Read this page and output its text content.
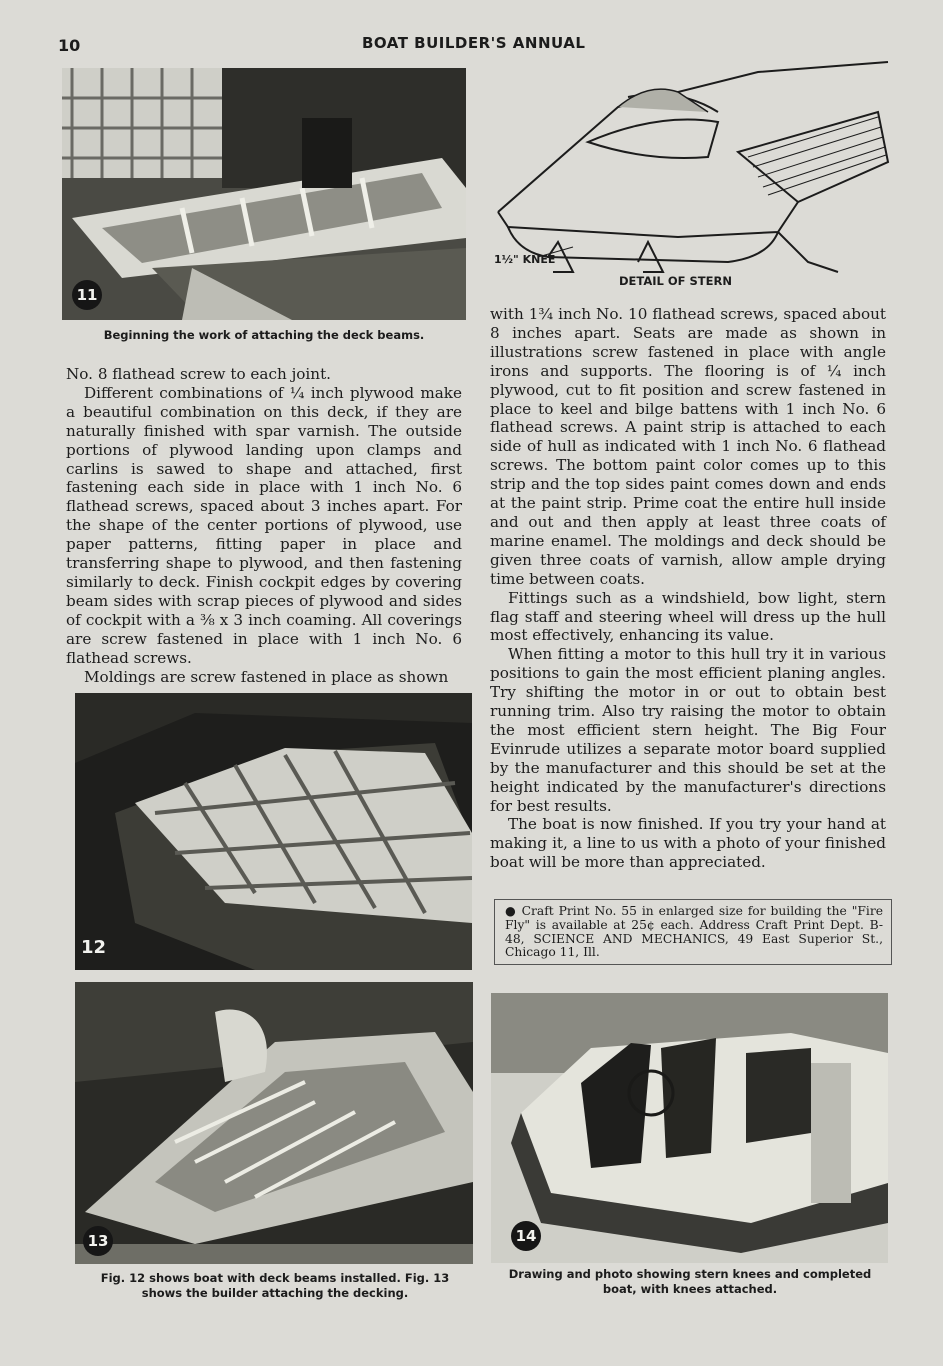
10	BOAT BUILDER'S ANNUAL
11
Beginning the work of attaching the deck beams.

No. 8 flathead screw to each joint.

Different combinations of ¼ inch plywood make a beautiful combination on this deck, if they are naturally finished with spar varnish. The outside portions of plywood landing upon clamps and carlins is sawed to shape and attached, first fastening each side in place with 1 inch No. 6 flathead screws, spaced about 3 inches apart. For the shape of the center portions of plywood, use paper patterns, fitting paper in place and transferring shape to plywood, and then fastening similarly to deck. Finish cockpit edges by covering beam sides with scrap pieces of plywood and sides of cockpit with a ⅜ x 3 inch coaming. All coverings are screw fastened in place with 1 inch No. 6 flathead screws.

Moldings are screw fastened in place as shown

12
13
Fig. 12 shows boat with deck beams installed. Fig. 13 shows the builder attaching the decking.
1½" KNEE
DETAIL OF STERN

with 1¾ inch No. 10 flathead screws, spaced about 8 inches apart. Seats are made as shown in illustrations screw fastened in place with angle irons and supports. The flooring is of ¼ inch plywood, cut to fit position and screw fastened in place to keel and bilge battens with 1 inch No. 6 flathead screws. A paint strip is attached to each side of hull as indicated with 1 inch No. 6 flathead screws. The bottom paint color comes up to this strip and the top sides paint comes down and ends at the paint strip. Prime coat the entire hull inside and out and then apply at least three coats of marine enamel. The moldings and deck should be given three coats of varnish, allow ample drying time between coats.

Fittings such as a windshield, bow light, stern flag staff and steering wheel will dress up the hull most effectively, enhancing its value.

When fitting a motor to this hull try it in various positions to gain the most efficient planing angles. Try shifting the motor in or out to obtain best running trim. Also try raising the motor to obtain the most efficient stern height. The Big Four Evinrude utilizes a separate motor board supplied by the manufacturer and this should be set at the height indicated by the manufacturer's directions for best results.

The boat is now finished. If you try your hand at making it, a line to us with a photo of your finished boat will be more than appreciated.

● Craft Print No. 55 in enlarged size for building the "Fire Fly" is available at 25¢ each. Address Craft Print Dept. B-48, SCIENCE AND MECHANICS, 49 East Superior St., Chicago 11, Ill.
14
Drawing and photo showing stern knees and completed boat, with knees attached.
